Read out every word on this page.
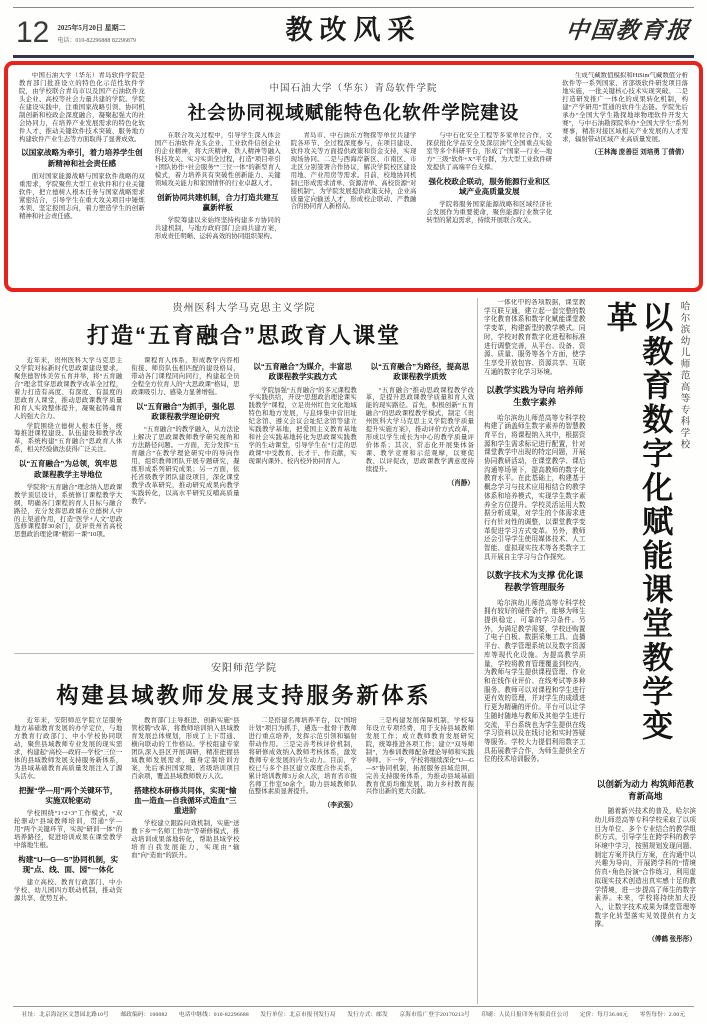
12 2025年5月20日 星期二
电话：010-82296888 82296879	教改风采	中国教育报

中国石油大学（华东）青岛软件学院是教育部门批准设立的特色化示范性软件学院，由学校联合青岛市以及国产石油软件龙头企业、高校等社会力量共建的学院。学院在建设实践中，注重国家战略引领、协同机制创新和校政企深度融合，凝聚起强大的社会协同力，在培养产业发展需求的特色化软件人才、推动关键软件技术突破、服务地方构建软件产业生态等方面取得了显著成效。

以国家战略为牵引，着力培养学生创新精神和社会责任感

面对国家能源战略与国家软件战略的双重需求，学院聚焦大型工业软件和行业关键软件，把立德树人根本任务与国家战略需求紧密结合，引导学生在重大攻关项目中锤炼本领、坚定报国志向，着力塑造学生的创新精神和社会责任感。

中国石油大学（华东）青岛软件学院
社会协同视域赋能特色化软件学院建设

在联合攻关过程中，引导学生深入体会国产石油软件龙头企业、工业软件信创企业的企业精神，将大庆精神、铁人精神等融入科技攻关、实习实训全过程，打造“项目牵引+团队协作+社会服务”“三位一体”的新型育人模式，着力培养具有突破性创新能力、关键领域攻关能力和家国情怀的行业卓越人才。

创新协同共建机制，合力打造共建互赢新样板

学院筹建以来始终坚持构建多方协同的共建机制，与地方政府部门会商共建方案，形成责任明晰、运转高效的协同组织架构。

青岛市、中石油东方物探等单位共建学院各环节、全过程深度参与，在项目建设、软件攻关等方面提供政策和资金支持，实现现场协同。二是与西海岸新区、市南区、市北区分别签署合作协议，解决学院校区建设用地、产业用房等需求。目前，校地协同机制已形成需求清单、资源清单、高校资源“对接机制”，为学院发展提供政策支持，企业高质量定向输送人才，形成校企联动、产教融合的协同育人新格局。

与中石化安全工程等多家单位合作，文探获批化学品安全及深层油气全国重点实验室等多个科研平台，形成了“国家—行业—地方”三级“软件+X”平台群，为大型工业软件研发提供了高端平台支撑。

强化校政企联动，服务能源行业和区域产业高质量发展

学院将服务国家能源战略和区域经济社会发展作为重要使命，聚焦能源行业数字化转型的紧迫需求，持续开展联合攻关。

生成气藏数值模拟和HiSim气藏数值分析软件等一系列国家、省部级软件研发项目落地实施，一批关键核心技术实现突破。二是打造研发推广一体化的成果转化机制，构建“产学研用”贯通的软件生态链。学院先后承办“全国大学生勘探地球物理软件开发大赛”，与中石油勘探院举办“全国大学生”系列赛事，精准对接区域相关产业发展的人才需求，辐射带动区域产业高质量发展。

（王林海 庞善臣 刘培勇 丁倩倩）
贵州医科大学马克思主义学院
打造“五育融合”思政育人课堂

近年来，贵州医科大学马克思主义学院对标新时代思政课建设要求，聚焦德智体美劳五育并举，将“五育融合”理念贯穿思政课教学改革全过程，着力打造有高度、有深度、有温度的思政育人课堂，推动思政课教学质量和育人实效整体提升，凝聚起铸魂育人的强大合力。

学院围绕立德树人根本任务，统筹推进课程建设、队伍建设和教学改革，系统构建“五育融合”思政育人体系，相关经验做法获得广泛关注。

以“五育融合”为总领，筑牢思政课程教学主导地位

学院将“五育融合”理念纳入思政课教学顶层设计，系统修订课程教学大纲，明确各门课程的育人目标与融合路径，充分发挥思政课在立德树人中的主渠道作用，打造“医学+人文”思政选修课程群30余门，获评贵州省高校思想政治理论课“精彩一课”10项。

课程育人体系，形成教学内容相衔接、师资队伍相匹配的建设格局，带动各门课程同向同行，构建起全员全程全方位育人的“大思政课”格局，思政课吸引力、感染力显著增强。

以“五育融合”为抓手，强化思政课程教学理论研究

“五育融合”的教学融入，从方法论上解决了思政课教师教学研究视角和方法路径问题。一方面，充分发挥“五育融合”在教学理论研究中的导向作用，组织教师团队开展专题研究，凝练形成系列研究成果；另一方面，依托省级教学团队建设项目，深化课堂教学改革研究，推动研究成果向教学实践转化，以高水平研究反哺高质量教学。

以“五育融合”为媒介，丰富思政课程教学实践方式

学院加强“五育融合”的多元课程教学实践供给，开设“思想政治理论课实践教学”课程，立足贵州红色文化地域特色和地方发展，与息烽集中营旧址纪念馆、遵义会议会址纪念馆等建立实践教学基地，把爱国主义教育基地和社会实践基地转化为思政课实践教学的生动课堂，引导学生在“行走的思政课”中受教育、长才干、作贡献，实现课内课外、校内校外协同育人。

以“五育融合”为路径，提高思政课程教学质效

“五育融合”推动思政课程教学改革，是提升思政课教学质量和育人效能的现实路径。首先，积极创新“五育融合”的思政课程教学模式，制定《贵州医科大学马克思主义学院教学质量提升实施方案》，推动评价方式改革，形成以学生成长为中心的教学质量评价体系；其次，常态化开展集体备课、教学竞赛和示范观摩，以赛促教、以评促改，思政课教学满意度持续提升。

（肖静）
安阳师范学院
构建县域教师发展支持服务新体系

近年来，安阳师范学院立足服务地方基础教育发展的办学定位，与地方教育行政部门、中小学校协同联动，聚焦县域教师专业发展的现实需求，构建起“高校—政府—学校”三位一体的县域教师发展支持服务新体系，为县域基础教育高质量发展注入了源头活水。

把握“学—用”两个关键环节，实施双轮驱动

学校围绕“1+2+3”工作模式，“双轮驱动”县域教师培训，贯通“学—用”两个关键环节，实现“研训一体”的培养路径，促进培训成果在课堂教学中落地生根。

构建“U—G—S”协同机制，实现“点、线、面、园”一体化

建立高校、教育行政部门、中小学校、幼儿园四方联动机制，推动资源共享、优势互补。

教育部门主导推进、创新实施“县管校聘”改革，将教师培训纳入县域教育发展总体规划，形成了上下贯通、横向联动的工作格局。学校组建专家团队深入县区开展调研，精准把握县域教师发展需求，量身定制培训方案，先后承担国家级、省级培训项目百余项，覆盖县域教师数万人次。

搭建校本研修共同体，实现“输血—造血—自我循环式造血”三重进阶

学校建立跟踪问效机制，实施“送教下乡”“名师工作坊”等研修模式，推动培训成果落地转化，帮助县域学校培育自我发展能力，实现由“输血”向“造血”的跃升。

二是搭建名师培养平台，以“国培计划”项目为抓手，遴选一批骨干教师进行重点培养，发挥示范引领和辐射带动作用。三是完善考核评价机制，将研修成效纳入教师考核体系，激发教师专业发展的内生动力。目前，学校已与多个县区建立深度合作关系，累计培训教师3万余人次，培育省市级名师工作室50余个，助力县域教师队伍整体素质显著提升。

（李武强）

三是构建发展保障机制，学校每年设立专项经费，用于支持县域教师发展工作；成立教师教育发展研究院，统筹推进各项工作；建立“双导师制”，为参训教师配备理论导师和实践导师。下一步，学校将继续深化“U—G—S”协同机制，拓展服务县域范围，完善支持服务体系，为推动县域基础教育优质均衡发展、助力乡村教育振兴作出新的更大贡献。

一体化中的各项数据，课堂教学互联互通，建立起一套完整的数字化教育体系和数字化赋能课堂教学变革，构建新型的教学模式。同时，学校对教育数字化进程和标准进行调整完善，从平台、设备、资源、质量、服务等各个方面，使学生享受开放包容、资源共享、互联互通的数字化学习环境。

以教学实践为导向 培养师生数字素养

哈尔滨幼儿师范高等专科学校构建了涵盖师生数字素养的智慧教育平台，将课程纳入其中，根据资源和学生需求标记进行配置，针对课堂教学中出现的特定问题，开展协同教研活动，在课堂教学、课后沟通等场景下，提高教师的数字化教育水平。在此基础上，构建基于概念学习与技术应用相结合的教学体系和培养模式，实现学生数字素养全方位提升。学校灵活运用大数据分析成果，对学生的个体需求进行有针对性的调整，以课堂教学变革促进学习方式变革。另外，教师还会引导学生使用媒体技术、人工智能、虚拟现实技术等各类数字工具开展自主学习与合作探究。

以数字技术为支撑 优化课程教学管理服务

哈尔滨幼儿师范高等专科学校拥有较好的硬件条件，能够为师生提供稳定、可靠的学习条件。另外，为满足教学需要，学校还购置了电子白板、数据采集工具、直播平台、教学管理系统以及数字资源库等现代化设施。为提高教学质量，学校将教育管理覆盖到校内，为教师与学生提供课程管理、作业和在线作业评价、在线考试等多种服务。教师可以对课程和学生进行更有效的管理，并对学生的成绩进行更为精确的评价。平台可以让学生随时随地与教师及其他学生进行交流，平台系统也为学生提供在线学习资料以及在线讨论和实时答疑等服务。学校大力提倡利用数字工具拓展教学合作，为师生提供全方位的技术培训服务。

以教育数字化赋能课堂教学变革	哈尔滨幼儿师范高等专科学校
以创新为动力 构筑师范教育新高地

随着新兴技术的普及，哈尔滨幼儿师范高等专科学校采取了以项目为单位、多个专业结合的教学组织方式，引导学生在跨学科的教学环境中学习，按照规划发现问题、制定方案并执行方案，在沟通中以兴趣为导向，开展跨学科的“情境仿真+角色扮演”合作练习，利用虚拟现实技术创造出真实感十足的教学情境，进一步提高了师生的数字素养。未来，学校将持续加大投入，让数字技术成果为课堂管理等数字化转型落实见效提供有力支撑。

（傅鹤 张彤彤）
社址：北京海淀区文慧园北路10号　　邮政编码：100082　　电话中继线：010-82296688　　发行单位：北京市报刊发行局　　发行方式：邮发　　京海市监广登字20170213号　　印刷：人民日报印务有限责任公司　　定价：每月36.00元　　零售每份：2.00元
